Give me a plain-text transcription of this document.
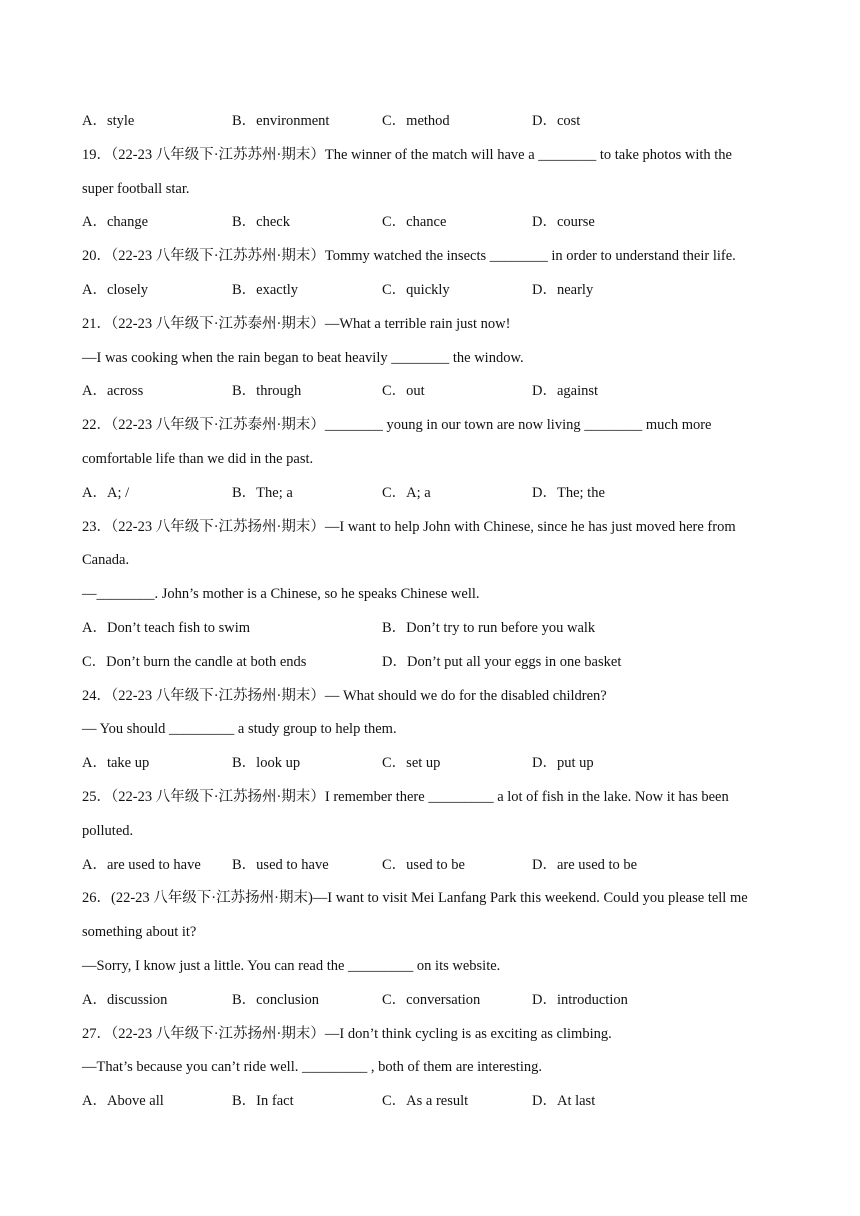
A．style	B．environment	C．method	D．cost
19．（22-23 八年级下·江苏苏州·期末）The winner of the match will have a ________ to take photos with the
super football star.
A．change	B．check	C．chance	D．course
20．（22-23 八年级下·江苏苏州·期末）Tommy watched the insects ________ in order to understand their life.
A．closely	B．exactly	C．quickly	D．nearly
21．（22-23 八年级下·江苏泰州·期末）—What a terrible rain just now!
—I was cooking when the rain began to beat heavily ________ the window.
A．across	B．through	C．out	D．against
22．（22-23 八年级下·江苏泰州·期末）________ young in our town are now living ________ much more
comfortable life than we did in the past.
A．A; /	B．The; a	C．A; a	D．The; the
23．（22-23 八年级下·江苏扬州·期末）—I want to help John with Chinese, since he has just moved here from
Canada.
—________. John’s mother is a Chinese, so he speaks Chinese well.
A．Don’t teach fish to swim	B．Don’t try to run before you walk
C．Don’t burn the candle at both ends	D．Don’t put all your eggs in one basket
24．（22-23 八年级下·江苏扬州·期末）— What should we do for the disabled children?
— You should _________ a study group to help them.
A．take up	B．look up	C．set up	D．put up
25．（22-23 八年级下·江苏扬州·期末）I remember there _________ a lot of fish in the lake. Now it has been
polluted.
A．are used to have B．used to have	C．used to be	D．are used to be
26．(22-23 八年级下·江苏扬州·期末)—I want to visit Mei Lanfang Park this weekend. Could you please tell me
something about it?
—Sorry, I know just a little. You can read the _________ on its website.
A．discussion	B．conclusion	C．conversation	D．introduction
27．（22-23 八年级下·江苏扬州·期末）—I don’t think cycling is as exciting as climbing.
—That’s because you can’t ride well. _________ , both of them are interesting.
A．Above all	B．In fact	C．As a result	D．At last
